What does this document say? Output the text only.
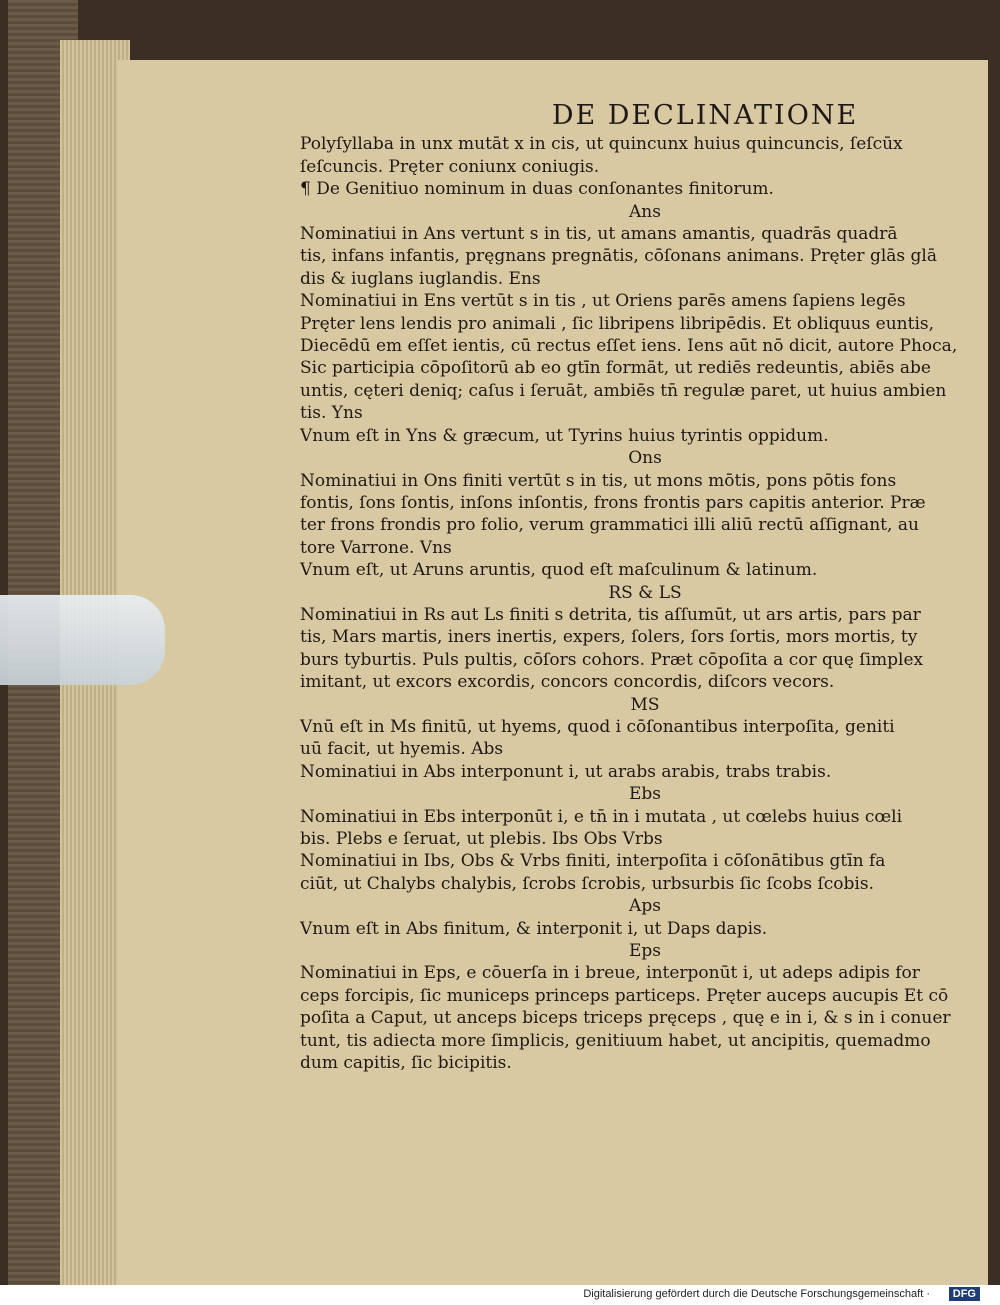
DE DECLINATIONE
Polyſyllaba in unx mutāt x in cis, ut quincunx huius quincuncis, ſeſcūx
ſeſcuncis. Pręter coniunx coniugis.
¶ De Genitiuo nominum in duas conſonantes finitorum.
Ans
Nominatiui in Ans vertunt s in tis, ut amans amantis, quadrās quadrā
tis, infans infantis, pręgnans pregnātis, cōſonans animans. Pręter glās glā
dis & iuglans iuglandis. Ens
Nominatiui in Ens vertūt s in tis , ut Oriens parēs amens ſapiens legēs
Pręter lens lendis pro animali , ſic libripens libripēdis. Et obliquus euntis,
Diecēdū em eſſet ientis, cū rectus eſſet iens. Iens aūt nō dicit, autore Phoca,
Sic participia cōpoſitorū ab eo gtīn formāt, ut rediēs redeuntis, abiēs abe
untis, cęteri deniq; caſus i ſeruāt, ambiēs tn̄ regulæ paret, ut huius ambien
tis. Yns
Vnum eſt in Yns & græcum, ut Tyrins huius tyrintis oppidum.
Ons
Nominatiui in Ons finiti vertūt s in tis, ut mons mōtis, pons pōtis fons
fontis, ſons ſontis, inſons inſontis, frons frontis pars capitis anterior. Præ
ter frons frondis pro folio, verum grammatici illi aliū rectū aſſignant, au
tore Varrone. Vns
Vnum eſt, ut Aruns aruntis, quod eſt maſculinum & latinum.
RS & LS
Nominatiui in Rs aut Ls finiti s detrita, tis aſſumūt, ut ars artis, pars par
tis, Mars martis, iners inertis, expers, ſolers, ſors ſortis, mors mortis, ty
burs tyburtis. Puls pultis, cōſors cohors. Præt cōpoſita a cor quę ſimplex
imitant, ut excors excordis, concors concordis, diſcors vecors.
MS
Vnū eſt in Ms finitū, ut hyems, quod i cōſonantibus interpoſita, geniti
uū facit, ut hyemis. Abs
Nominatiui in Abs interponunt i, ut arabs arabis, trabs trabis.
Ebs
Nominatiui in Ebs interponūt i, e tn̄ in i mutata , ut cœlebs huius cœli
bis. Plebs e ſeruat, ut plebis. Ibs Obs Vrbs
Nominatiui in Ibs, Obs & Vrbs finiti, interpoſita i cōſonātibus gtīn fa
ciūt, ut Chalybs chalybis, ſcrobs ſcrobis, urbsurbis ſic ſcobs ſcobis.
Aps
Vnum eſt in Abs finitum, & interponit i, ut Daps dapis.
Eps
Nominatiui in Eps, e cōuerſa in i breue, interponūt i, ut adeps adipis for
ceps forcipis, ſic municeps princeps particeps. Pręter auceps aucupis Et cō
poſita a Caput, ut anceps biceps triceps pręceps , quę e in i, & s in i conuer
tunt, tis adiecta more ſimplicis, genitiuum habet, ut ancipitis, quemadmo
dum capitis, ſic bicipitis.
Digitalisierung gefördert durch die Deutsche Forschungsgemeinschaft ·	DFG
